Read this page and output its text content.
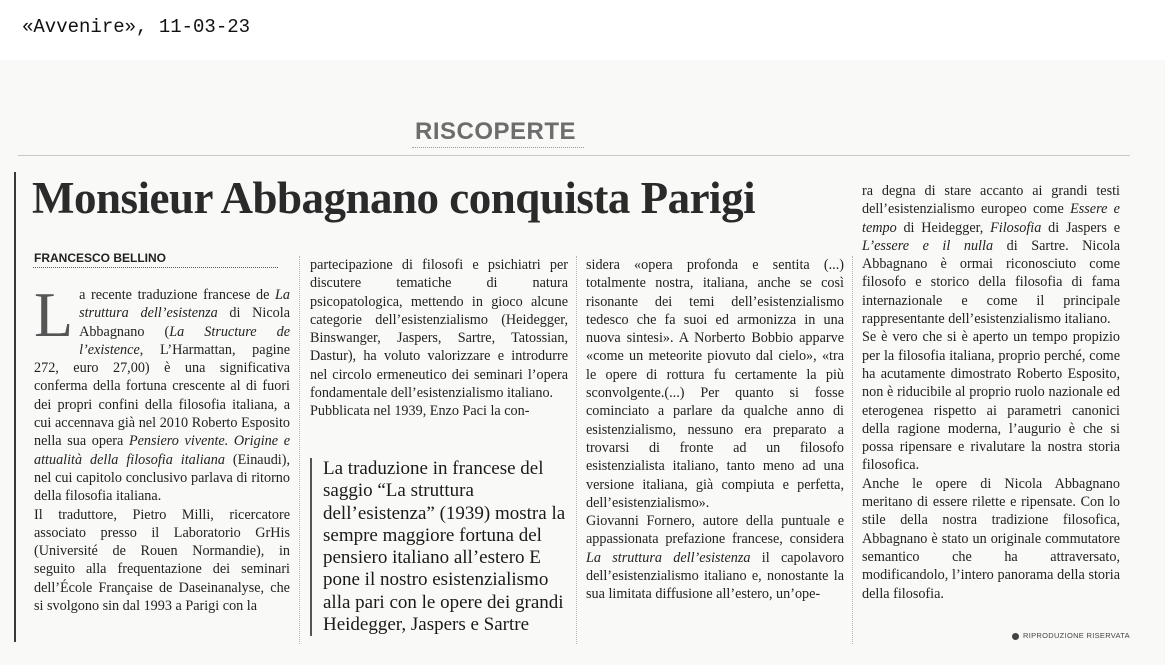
«Avvenire», 11-03-23
RISCOPERTE
Monsieur Abbagnano conquista Parigi
FRANCESCO BELLINO
L a recente traduzione francese de La struttura dell’esistenza di Nicola Abbagnano (La Structure de l’existence, L’Harmattan, pagine 272, euro 27,00) è una significativa conferma della fortuna crescente al di fuori dei propri confini della filosofia italiana, a cui accennava già nel 2010 Roberto Esposito nella sua opera Pensiero vivente. Origine e attualità della filosofia italiana (Einaudi), nel cui capitolo conclusivo parlava di ritorno della filosofia italiana.

Il traduttore, Pietro Milli, ricercatore associato presso il Laboratorio GrHis (Université de Rouen Normandie), in seguito alla frequentazione dei seminari dell’École Française de Daseinanalyse, che si svolgono sin dal 1993 a Parigi con la

partecipazione di filosofi e psichiatri per discutere tematiche di natura psicopatologica, mettendo in gioco alcune categorie dell’esistenzialismo (Heidegger, Binswanger, Jaspers, Sartre, Tatossian, Dastur), ha voluto valorizzare e introdurre nel circolo ermeneutico dei seminari l’opera fondamentale dell’esistenzialismo italiano.

Pubblicata nel 1939, Enzo Paci la con-

La traduzione in francese del saggio “La struttura dell’esistenza” (1939) mostra la sempre maggiore fortuna del pensiero italiano all’estero E pone il nostro esistenzialismo alla pari con le opere dei grandi Heidegger, Jaspers e Sartre

sidera «opera profonda e sentita (...) totalmente nostra, italiana, anche se così risonante dei temi dell’esistenzialismo tedesco che fa suoi ed armonizza in una nuova sintesi». A Norberto Bobbio apparve «come un meteorite piovuto dal cielo», «tra le opere di rottura fu certamente la più sconvolgente.(...) Per quanto si fosse cominciato a parlare da qualche anno di esistenzialismo, nessuno era preparato a trovarsi di fronte ad un filosofo esistenzialista italiano, tanto meno ad una versione italiana, già compiuta e perfetta, dell’esistenzialismo».

Giovanni Fornero, autore della puntuale e appassionata prefazione francese, considera La struttura dell’esistenza il capolavoro dell’esistenzialismo italiano e, nonostante la sua limitata diffusione all’estero, un’ope-

ra degna di stare accanto ai grandi testi dell’esistenzialismo europeo come Essere e tempo di Heidegger, Filosofia di Jaspers e L’essere e il nulla di Sartre. Nicola Abbagnano è ormai riconosciuto come filosofo e storico della filosofia di fama internazionale e come il principale rappresentante dell’esistenzialismo italiano.

Se è vero che si è aperto un tempo propizio per la filosofia italiana, proprio perché, come ha acutamente dimostrato Roberto Esposito, non è riducibile al proprio ruolo nazionale ed eterogenea rispetto ai parametri canonici della ragione moderna, l’augurio è che si possa ripensare e rivalutare la nostra storia filosofica.

Anche le opere di Nicola Abbagnano meritano di essere rilette e ripensate. Con lo stile della nostra tradizione filosofica, Abbagnano è stato un originale commutatore semantico che ha attraversato, modificandolo, l’intero panorama della storia della filosofia.

RIPRODUZIONE RISERVATA
